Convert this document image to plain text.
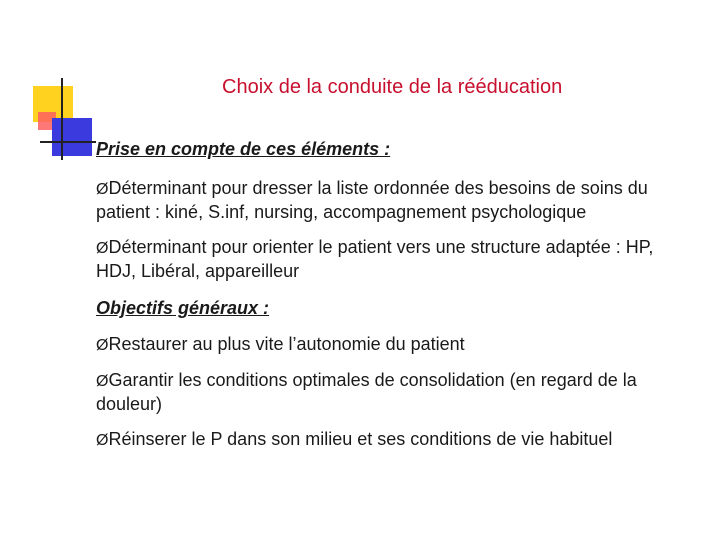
Choix de la conduite de la rééducation
Prise en compte de ces éléments :
ØDéterminant pour dresser la liste ordonnée des besoins de soins du patient : kiné, S.inf, nursing, accompagnement psychologique
ØDéterminant pour orienter le patient vers une structure adaptée : HP, HDJ, Libéral, appareilleur
Objectifs généraux :
ØRestaurer au plus vite l’autonomie du patient
ØGarantir les conditions optimales de consolidation (en regard de la douleur)
ØRéinserer le P dans son milieu et ses conditions de vie habituel
